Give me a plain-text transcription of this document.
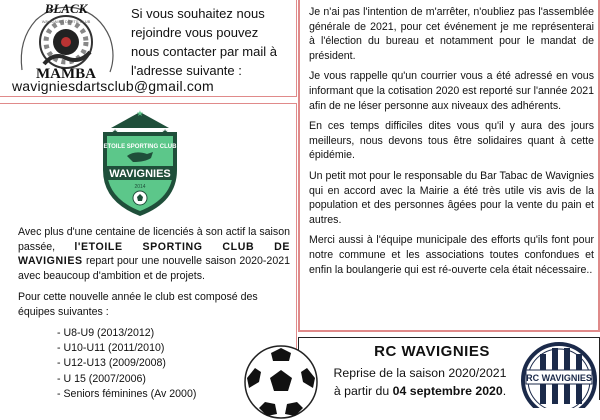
BLACK
WAVIGNIES DARTS CLUB
MAMBA
Si vous souhaitez nous
rejoindre vous pouvez
nous contacter par mail à
l'adresse suivante :
wavigniesdartsclub@gmail.com
★
ETOILE SPORTING CLUB
WAVIGNIES
2014
Avec plus d'une centaine de licenciés à son actif la saison passée, l'ETOILE SPORTING CLUB DE WAVIGNIES repart pour une nouvelle saison 2020-2021 avec beaucoup d'ambition et de projets.
Pour cette nouvelle année le club est composé des équipes suivantes :
- U8-U9 (2013/2012)
- U10-U11 (2011/2010)
- U12-U13 (2009/2008)
- U 15 (2007/2006)
- Seniors féminines (Av 2000)

Je n'ai pas l'intention de m'arrêter, n'oubliez pas l'assemblée générale de 2021, pour cet événement je me représenterai à l'élection du bureau et notamment pour le mandat de président.

Je vous rappelle qu'un courrier vous a été adressé en vous informant que la cotisation 2020 est reporté sur l'année 2021 afin de ne léser personne aux niveaux des adhérents.

En ces temps difficiles dites vous qu'il y aura des jours meilleurs, nous devons tous être solidaires quant à cette épidémie.

Un petit mot pour le responsable du Bar Tabac de Wavignies qui en accord avec la Mairie a été très utile vis avis de la population et des personnes âgées pour la vente du pain et autres.

Merci aussi à l'équipe municipale des efforts qu'ils font pour notre commune et les associations toutes confondues et enfin la boulangerie qui est ré-ouverte cela était nécessaire..

RC WAVIGNIES
Reprise de la saison 2020/2021
à partir du 04 septembre 2020.
RC WAVIGNIES
